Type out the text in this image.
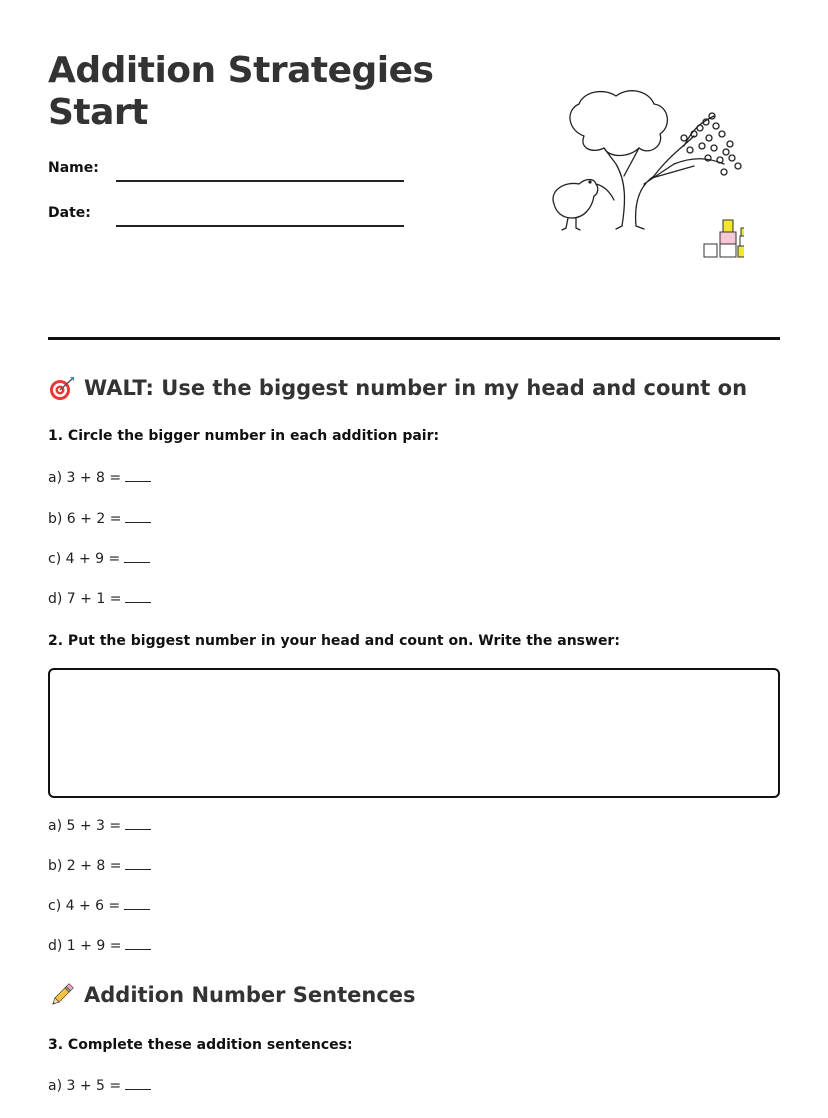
Addition Strategies
Start
Name:
Date:
WALT: Use the biggest number in my head and count on
1. Circle the bigger number in each addition pair:
a) 3 + 8 =
b) 6 + 2 =
c) 4 + 9 =
d) 7 + 1 =
2. Put the biggest number in your head and count on. Write the answer:
a) 5 + 3 =
b) 2 + 8 =
c) 4 + 6 =
d) 1 + 9 =
Addition Number Sentences
3. Complete these addition sentences:
a) 3 + 5 =
